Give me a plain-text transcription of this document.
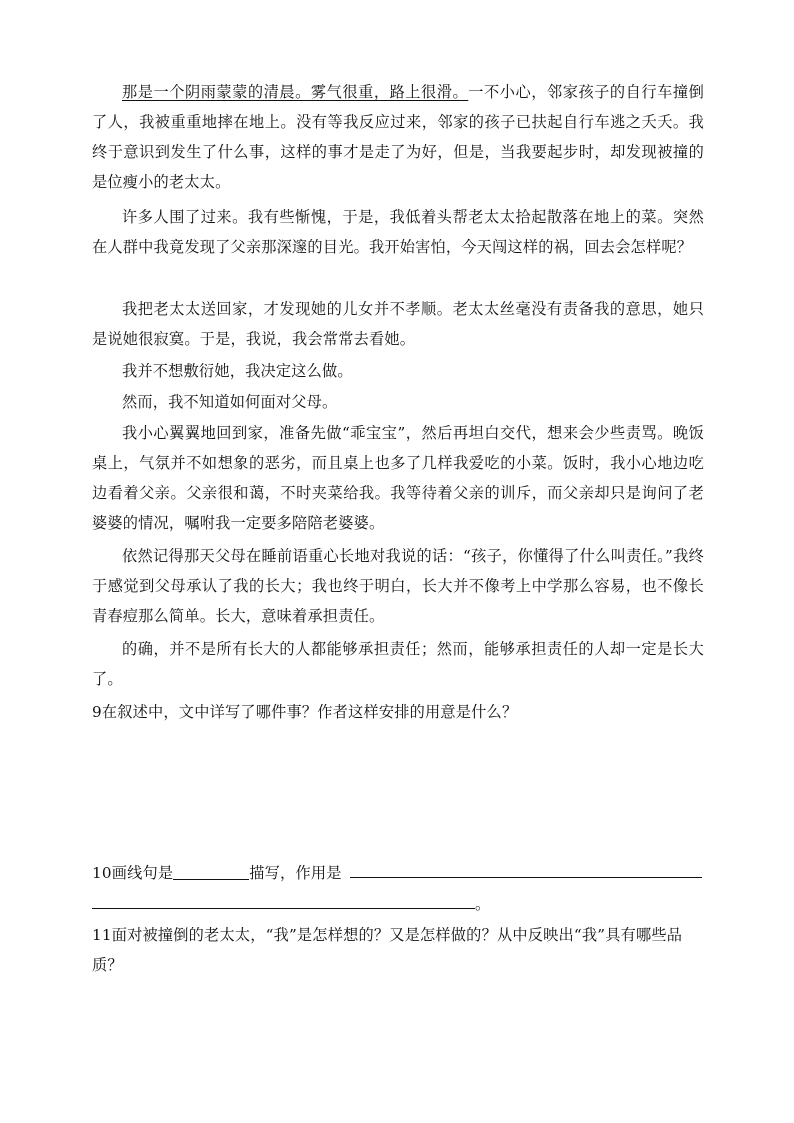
那是一个阴雨蒙蒙的清晨。雾气很重，路上很滑。一不小心，邻家孩子的自行车撞倒了人，我被重重地摔在地上。没有等我反应过来，邻家的孩子已扶起自行车逃之夭夭。我终于意识到发生了什么事，这样的事才是走了为好，但是，当我要起步时，却发现被撞的是位瘦小的老太太。

许多人围了过来。我有些惭愧，于是，我低着头帮老太太拾起散落在地上的菜。突然在人群中我竟发现了父亲那深邃的目光。我开始害怕，今天闯这样的祸，回去会怎样呢？

我把老太太送回家，才发现她的儿女并不孝顺。老太太丝毫没有责备我的意思，她只是说她很寂寞。于是，我说，我会常常去看她。

我并不想敷衍她，我决定这么做。

然而，我不知道如何面对父母。

我小心翼翼地回到家，准备先做“乖宝宝”，然后再坦白交代，想来会少些责骂。晚饭桌上，气氛并不如想象的恶劣，而且桌上也多了几样我爱吃的小菜。饭时，我小心地边吃边看着父亲。父亲很和蔼，不时夹菜给我。我等待着父亲的训斥，而父亲却只是询问了老婆婆的情况，嘱咐我一定要多陪陪老婆婆。

依然记得那天父母在睡前语重心长地对我说的话：“孩子，你懂得了什么叫责任。”我终于感觉到父母承认了我的长大；我也终于明白，长大并不像考上中学那么容易，也不像长青春痘那么简单。长大，意味着承担责任。

的确，并不是所有长大的人都能够承担责任；然而，能够承担责任的人却一定是长大了。

9在叙述中，文中详写了哪件事？作者这样安排的用意是什么？

10画线句是	描写，作用是

。

11面对被撞倒的老太太，“我”是怎样想的？又是怎样做的？从中反映出“我”具有哪些品质？
